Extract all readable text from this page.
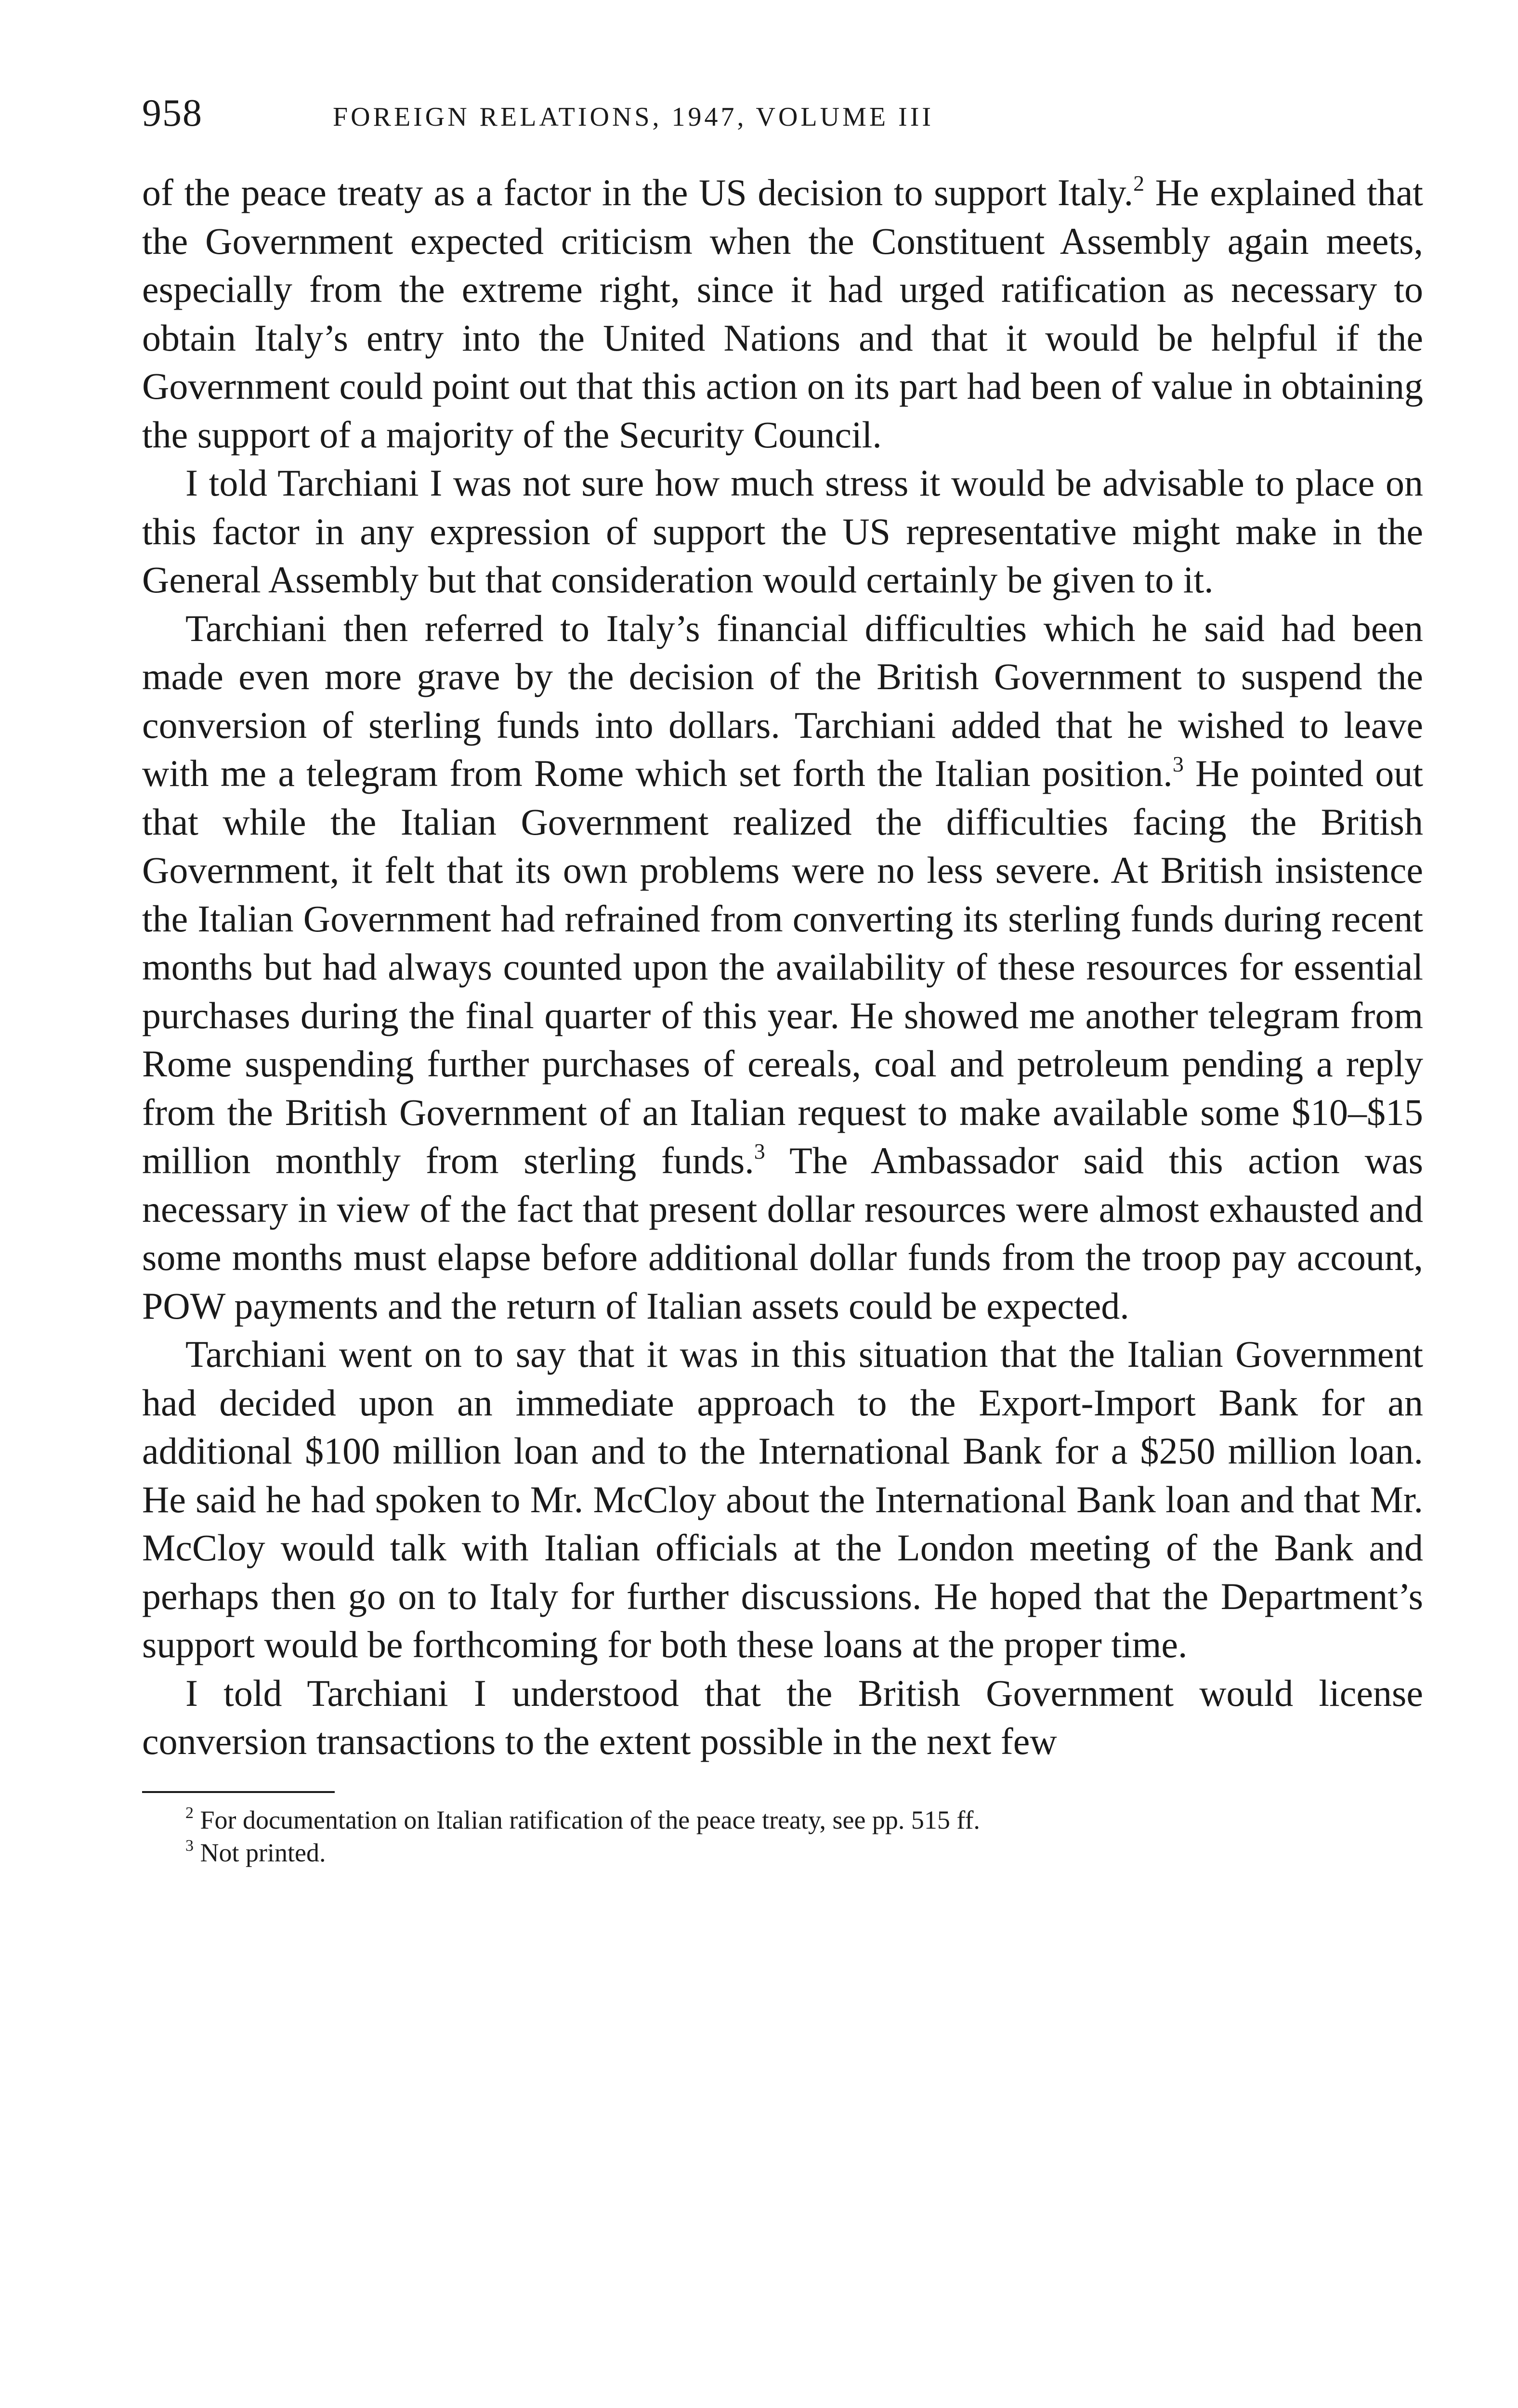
958	FOREIGN RELATIONS, 1947, VOLUME III

of the peace treaty as a factor in the US decision to support Italy.$^2$ He explained that the Government expected criticism when the Constituent Assembly again meets, especially from the extreme right, since it had urged ratification as necessary to obtain Italy’s entry into the United Nations and that it would be helpful if the Government could point out that this action on its part had been of value in obtaining the support of a majority of the Security Council.

I told Tarchiani I was not sure how much stress it would be advisable to place on this factor in any expression of support the US representative might make in the General Assembly but that consideration would certainly be given to it.

Tarchiani then referred to Italy’s financial difficulties which he said had been made even more grave by the decision of the British Government to suspend the conversion of sterling funds into dollars. Tarchiani added that he wished to leave with me a telegram from Rome which set forth the Italian position.$^3$ He pointed out that while the Italian Government realized the difficulties facing the British Government, it felt that its own problems were no less severe. At British insistence the Italian Government had refrained from converting its sterling funds during recent months but had always counted upon the availability of these resources for essential purchases during the final quarter of this year. He showed me another telegram from Rome suspending further purchases of cereals, coal and petroleum pending a reply from the British Government of an Italian request to make available some $10–$15 million monthly from sterling funds.$^3$ The Ambassador said this action was necessary in view of the fact that present dollar resources were almost exhausted and some months must elapse before additional dollar funds from the troop pay account, POW payments and the return of Italian assets could be expected.

Tarchiani went on to say that it was in this situation that the Italian Government had decided upon an immediate approach to the Export-Import Bank for an additional $100 million loan and to the International Bank for a $250 million loan. He said he had spoken to Mr. McCloy about the International Bank loan and that Mr. McCloy would talk with Italian officials at the London meeting of the Bank and perhaps then go on to Italy for further discussions. He hoped that the Department’s support would be forthcoming for both these loans at the proper time.

I told Tarchiani I understood that the British Government would license conversion transactions to the extent possible in the next few

$^2$ For documentation on Italian ratification of the peace treaty, see pp. 515 ff.

$^3$ Not printed.
